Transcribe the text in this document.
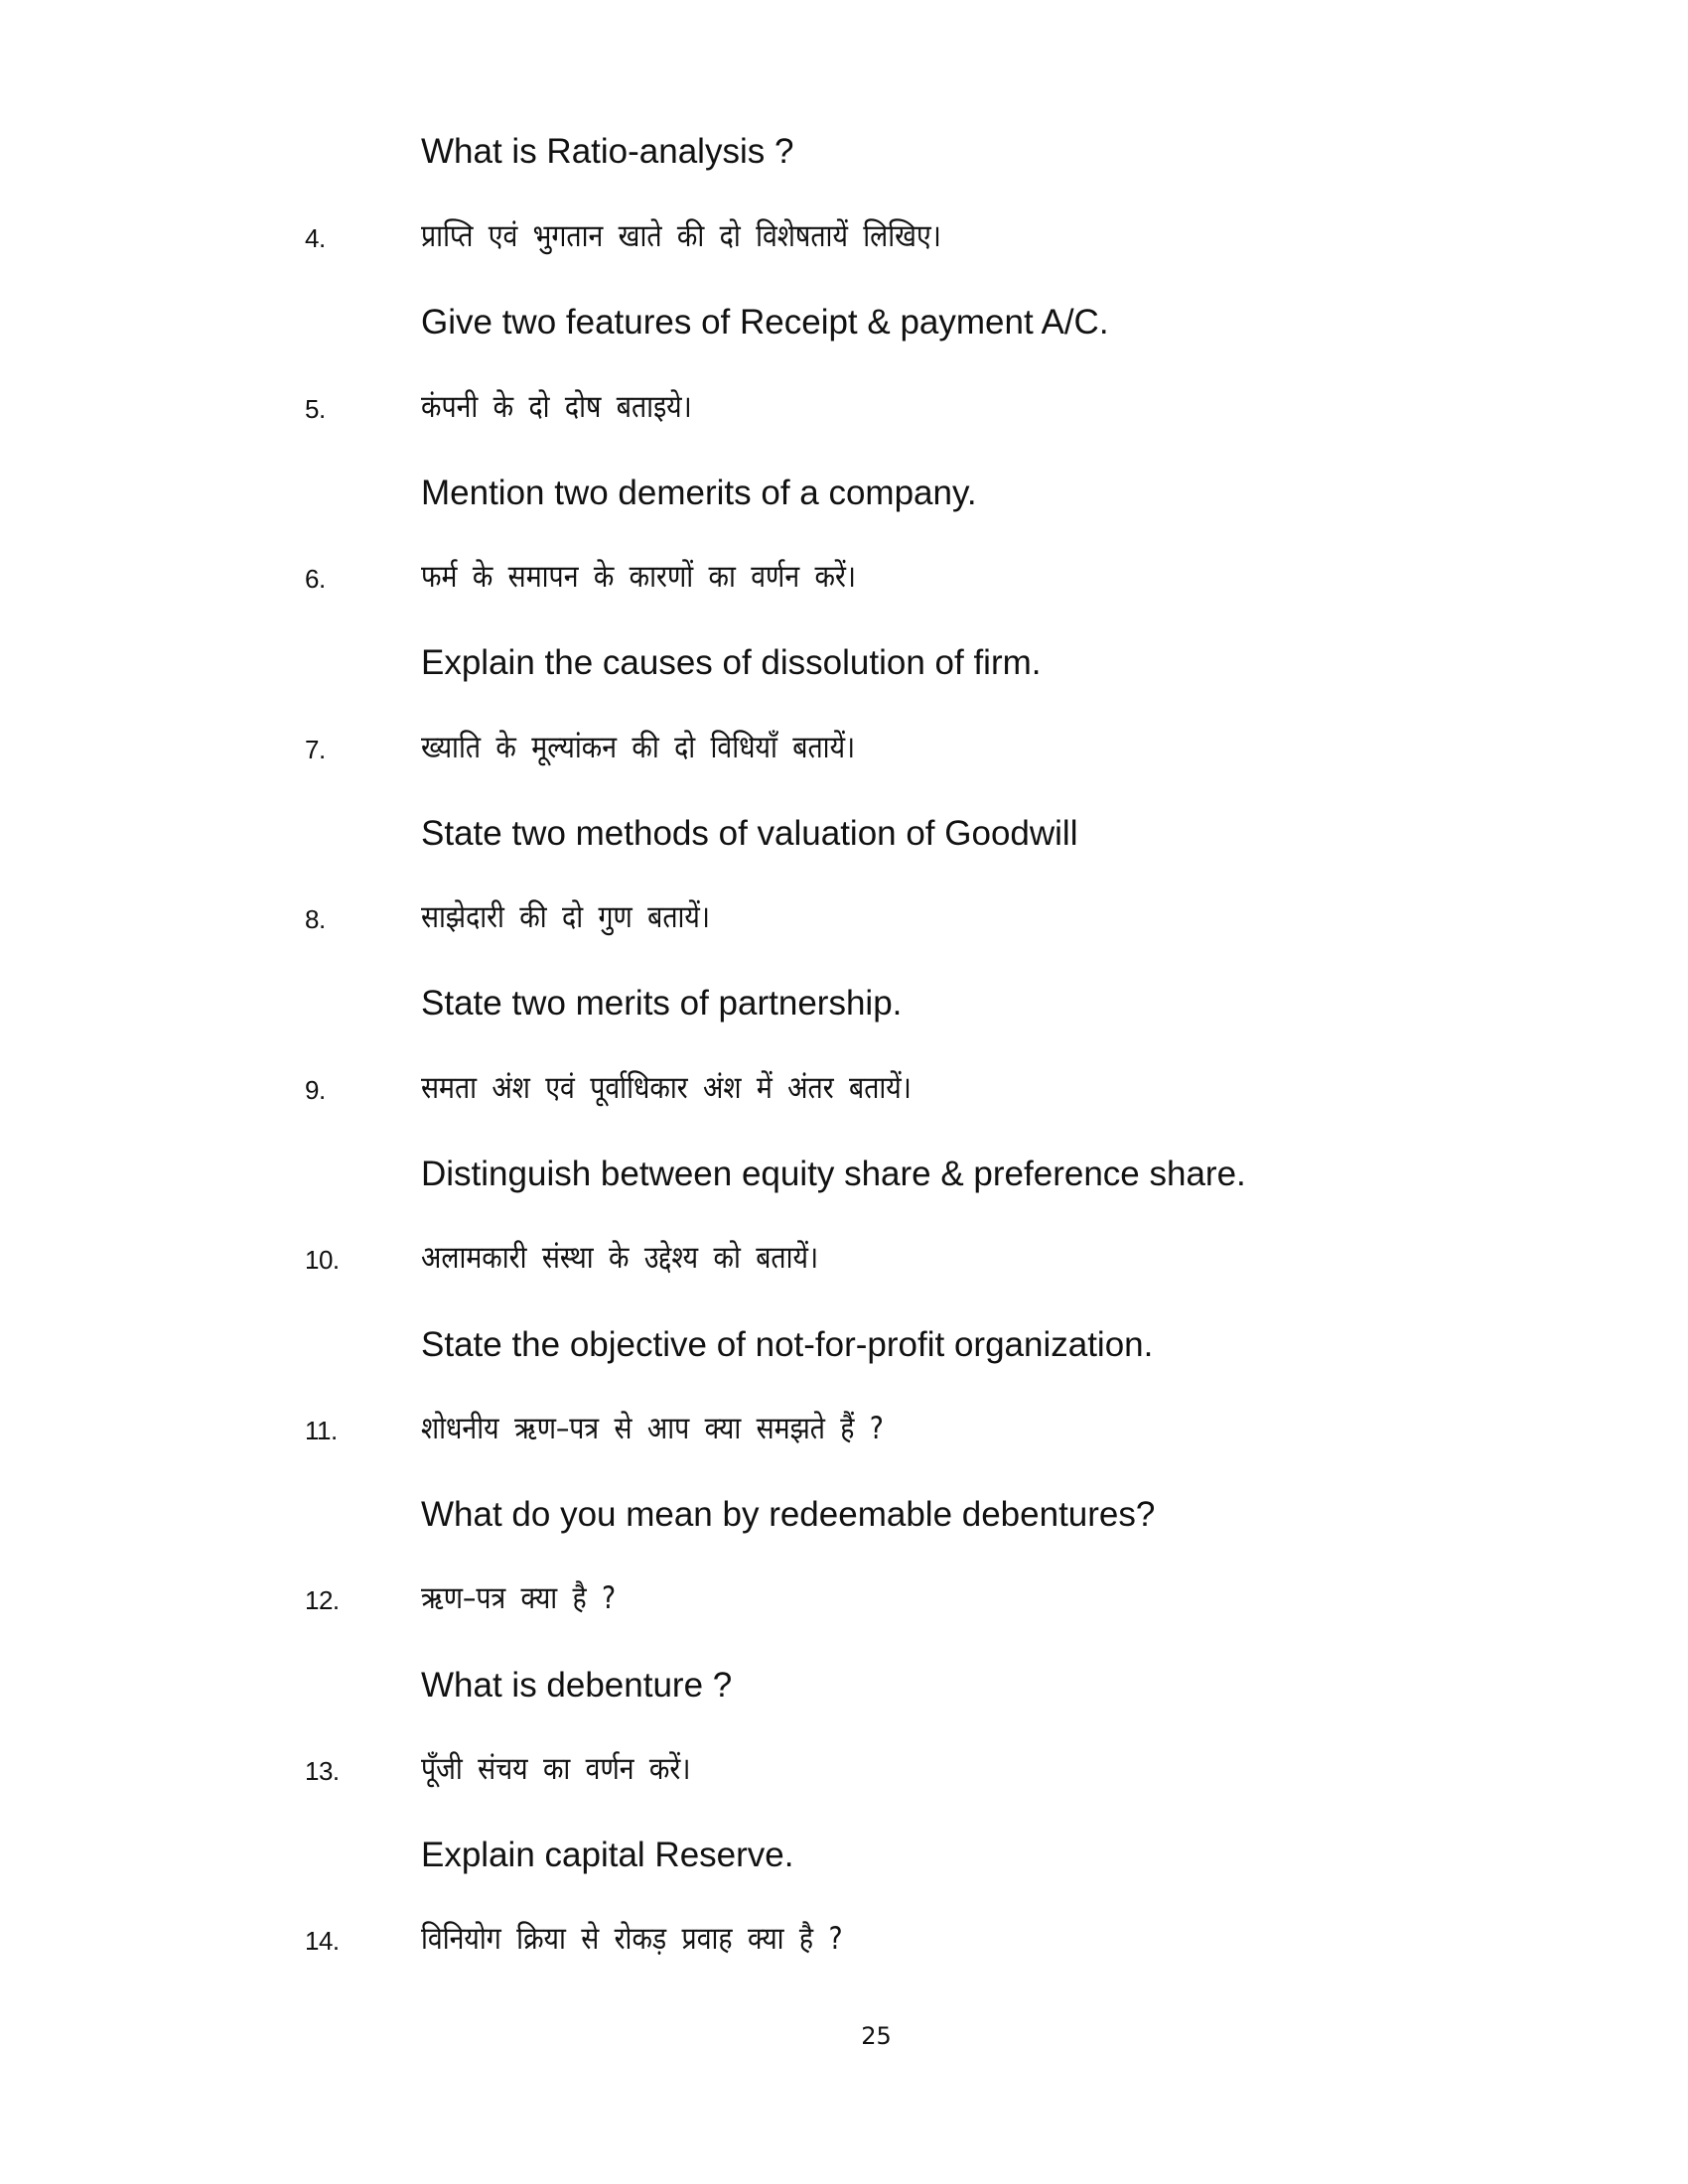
What is Ratio-analysis ?
4.	प्राप्ति एवं भुगतान खाते की दो विशेषतायें लिखिए।
Give two features of Receipt & payment A/C.
5.	कंपनी के दो दोष बताइये।
Mention two demerits of a company.
6.	फर्म के समापन के कारणों का वर्णन करें।
Explain the causes of dissolution of firm.
7.	ख्याति के मूल्यांकन की दो विधियाँ बतायें।
State two methods of valuation of Goodwill
8.	साझेदारी की दो गुण बतायें।
State two merits of partnership.
9.	समता अंश एवं पूर्वाधिकार अंश में अंतर बतायें।
Distinguish between equity share & preference share.
10.	अलामकारी संस्था के उद्देश्य को बतायें।
State the objective of not-for-profit organization.
11.	शोधनीय ऋण–पत्र से आप क्या समझते हैं ?
What do you mean by redeemable debentures?
12.	ऋण–पत्र क्या है ?
What is debenture ?
13.	पूँजी संचय का वर्णन करें।
Explain capital Reserve.
14.	विनियोग क्रिया से रोकड़ प्रवाह क्या है ?
25
